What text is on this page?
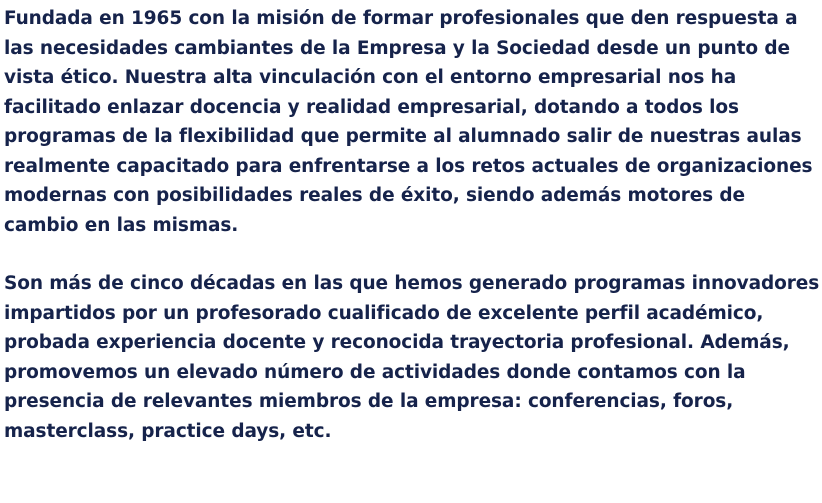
Fundada en 1965 con la misión de formar profesionales que den respuesta a las necesidades cambiantes de la Empresa y la Sociedad desde un punto de vista ético. Nuestra alta vinculación con el entorno empresarial nos ha facilitado enlazar docencia y realidad empresarial, dotando a todos los programas de la flexibilidad que permite al alumnado salir de nuestras aulas realmente capacitado para enfrentarse a los retos actuales de organizaciones modernas con posibilidades reales de éxito, siendo además motores de cambio en las mismas.

Son más de cinco décadas en las que hemos generado programas innovadores impartidos por un profesorado cualificado de excelente perfil académico, probada experiencia docente y reconocida trayectoria profesional. Además, promovemos un elevado número de actividades donde contamos con la presencia de relevantes miembros de la empresa: conferencias, foros, masterclass, practice days, etc.
